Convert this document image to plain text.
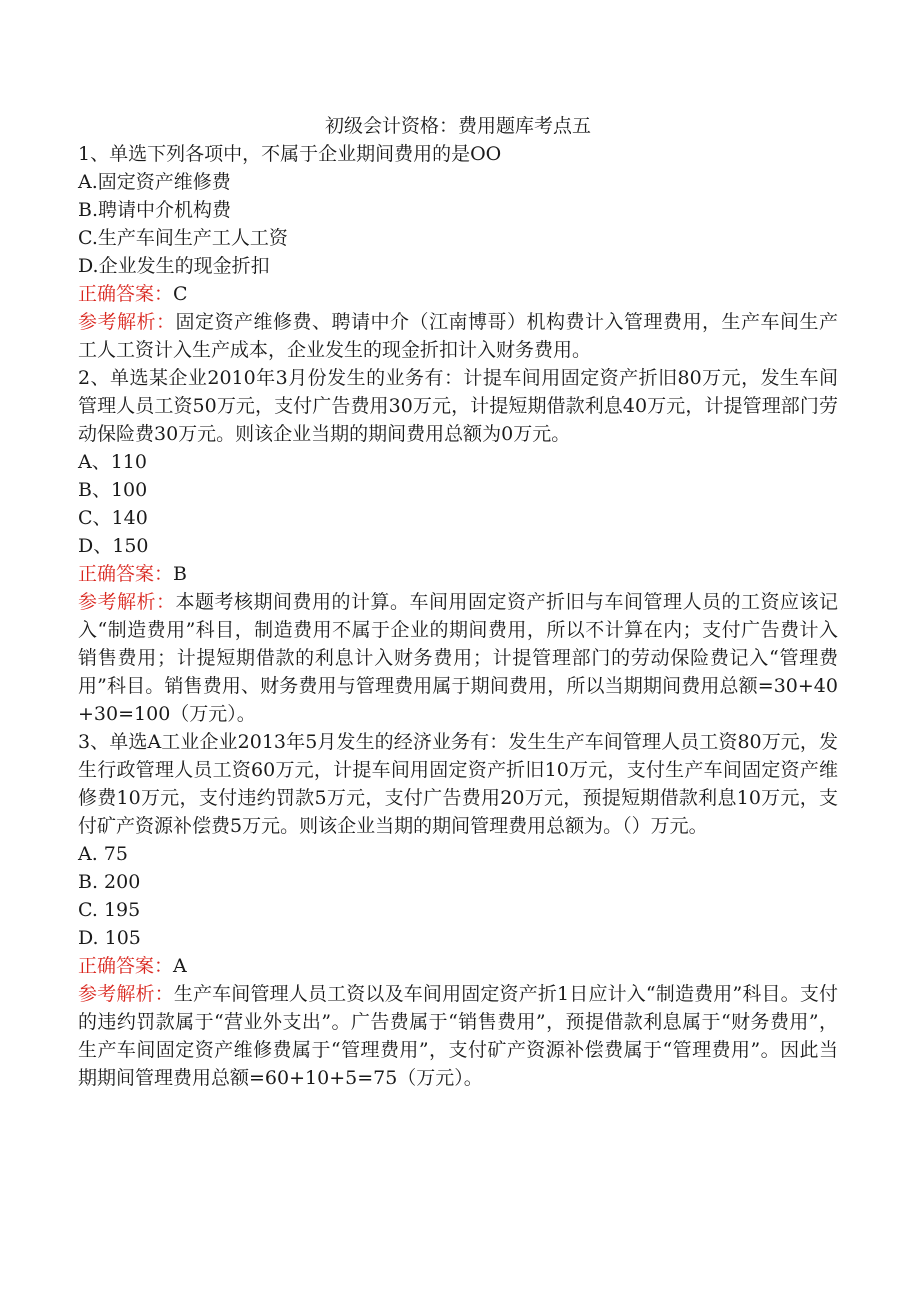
初级会计资格：费用题库考点五

1、单选下列各项中，不属于企业期间费用的是OO

A.固定资产维修费

B.聘请中介机构费

C.生产车间生产工人工资

D.企业发生的现金折扣

正确答案：C

参考解析：固定资产维修费、聘请中介（江南博哥）机构费计入管理费用，生产车间生产工人工资计入生产成本，企业发生的现金折扣计入财务费用。

2、单选某企业2010年3月份发生的业务有：计提车间用固定资产折旧80万元，发生车间管理人员工资50万元，支付广告费用30万元，计提短期借款利息40万元，计提管理部门劳动保险费30万元。则该企业当期的期间费用总额为0万元。

A、110

B、100

C、140

D、150

正确答案：B

参考解析：本题考核期间费用的计算。车间用固定资产折旧与车间管理人员的工资应该记入“制造费用”科目，制造费用不属于企业的期间费用，所以不计算在内；支付广告费计入销售费用；计提短期借款的利息计入财务费用；计提管理部门的劳动保险费记入“管理费用”科目。销售费用、财务费用与管理费用属于期间费用，所以当期期间费用总额=30+40+30=100（万元）。

3、单选A工业企业2013年5月发生的经济业务有：发生生产车间管理人员工资80万元，发生行政管理人员工资60万元，计提车间用固定资产折旧10万元，支付生产车间固定资产维修费10万元，支付违约罚款5万元，支付广告费用20万元，预提短期借款利息10万元，支付矿产资源补偿费5万元。则该企业当期的期间管理费用总额为。（）万元。

A. 75

B. 200

C. 195

D. 105

正确答案：A

参考解析：生产车间管理人员工资以及车间用固定资产折1日应计入“制造费用”科目。支付的违约罚款属于“营业外支出”。广告费属于“销售费用”，预提借款利息属于“财务费用”，生产车间固定资产维修费属于“管理费用”，支付矿产资源补偿费属于“管理费用”。因此当期期间管理费用总额=60+10+5=75（万元）。
